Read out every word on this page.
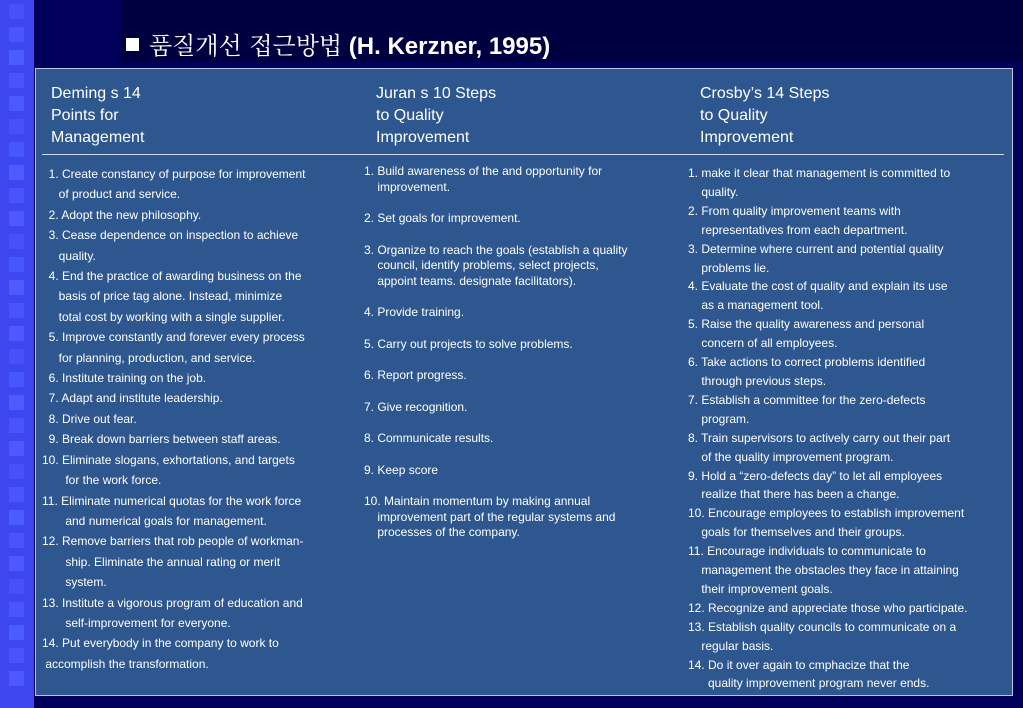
품질개선 접근방법 (H. Kerzner, 1995)
Deming s 14
Points for
Management
Juran s 10 Steps
to Quality
Improvement
Crosby’s 14 Steps
to Quality
Improvement
1. Create constancy of purpose for improvement
of product and service.
2. Adopt the new philosophy.
3. Cease dependence on inspection to achieve
quality.
4. End the practice of awarding business on the
basis of price tag alone. Instead, minimize
total cost by working with a single supplier.
5. Improve constantly and forever every process
for planning, production, and service.
6. Institute training on the job.
7. Adapt and institute leadership.
8. Drive out fear.
9. Break down barriers between staff areas.
10. Eliminate slogans, exhortations, and targets
for the work force.
11. Eliminate numerical quotas for the work force
and numerical goals for management.
12. Remove barriers that rob people of workman-
ship. Eliminate the annual rating or merit
system.
13. Institute a vigorous program of education and
self-improvement for everyone.
14. Put everybody in the company to work to
accomplish the transformation.
1. Build awareness of the and opportunity for
improvement.
2. Set goals for improvement.
3. Organize to reach the goals (establish a quality
council, identify problems, select projects,
appoint teams. designate facilitators).
4. Provide training.
5. Carry out projects to solve problems.
6. Report progress.
7. Give recognition.
8. Communicate results.
9. Keep score
10. Maintain momentum by making annual
improvement part of the regular systems and
processes of the company.
1. make it clear that management is committed to
quality.
2. From quality improvement teams with
representatives from each department.
3. Determine where current and potential quality
problems lie.
4. Evaluate the cost of quality and explain its use
as a management tool.
5. Raise the quality awareness and personal
concern of all employees.
6. Take actions to correct problems identified
through previous steps.
7. Establish a committee for the zero-defects
program.
8. Train supervisors to actively carry out their part
of the quality improvement program.
9. Hold a “zero-defects day” to let all employees
realize that there has been a change.
10. Encourage employees to establish improvement
goals for themselves and their groups.
11. Encourage individuals to communicate to
management the obstacles they face in attaining
their improvement goals.
12. Recognize and appreciate those who participate.
13. Establish quality councils to communicate on a
regular basis.
14. Do it over again to cmphacize that the
quality improvement program never ends.
